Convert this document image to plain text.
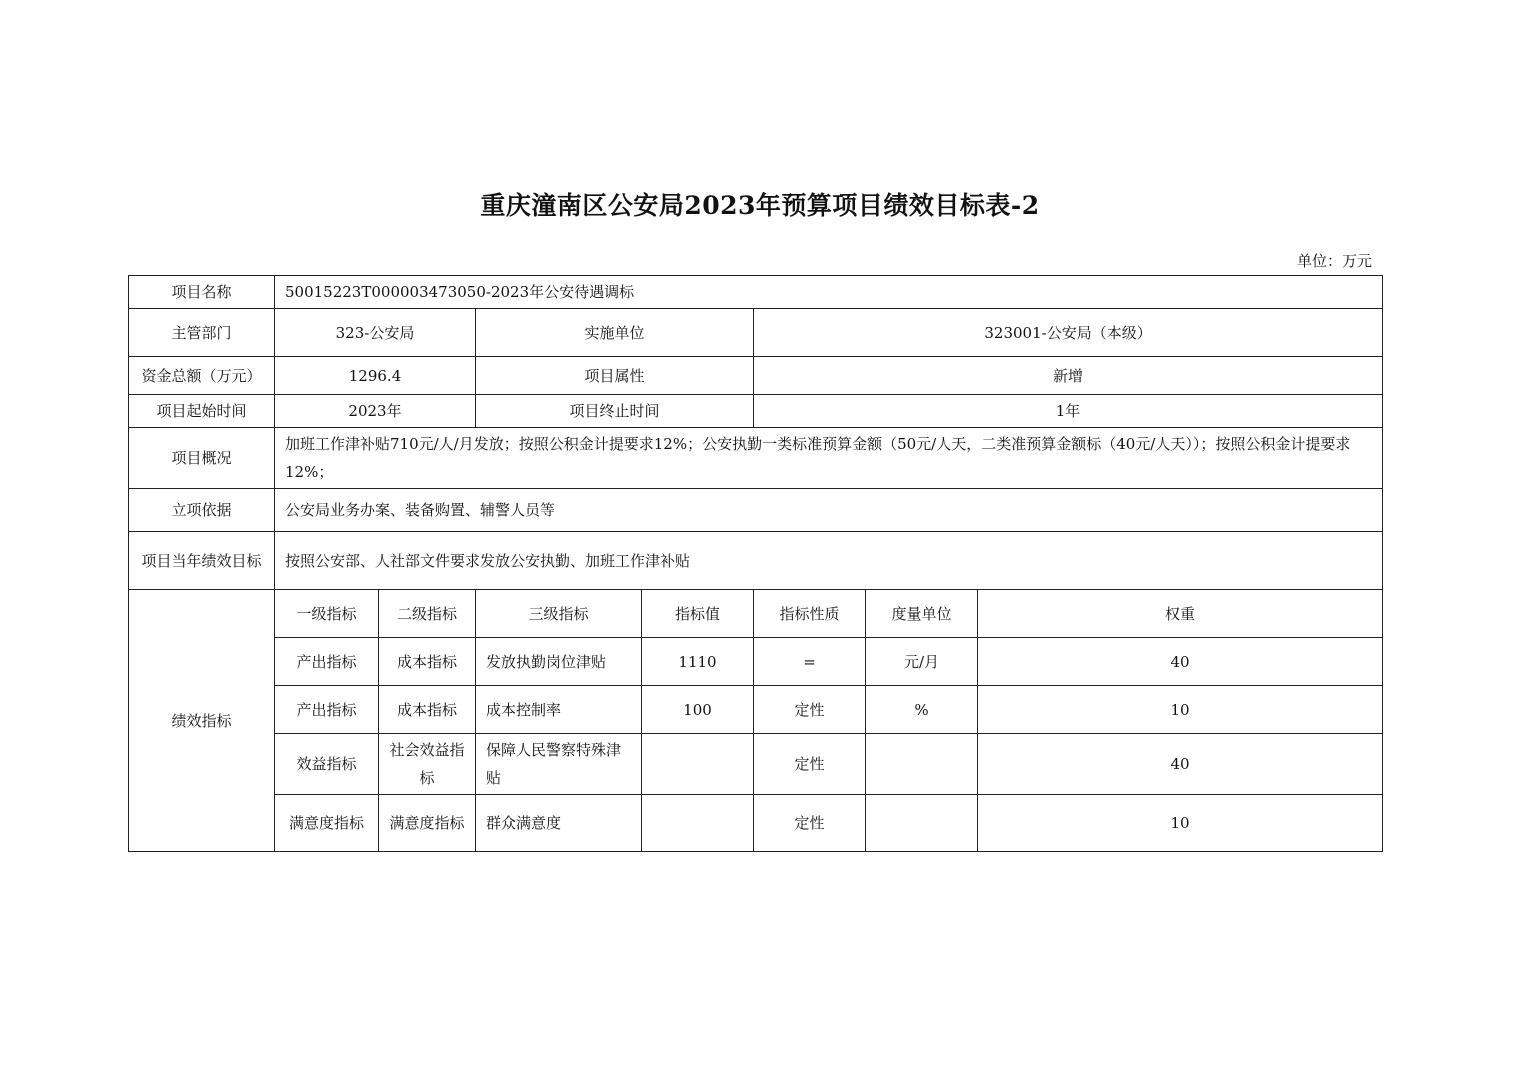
重庆潼南区公安局2023年预算项目绩效目标表-2
单位：万元
项目名称	50015223T000003473050-2023年公安待遇调标						
主管部门	323-公安局		实施单位		323001-公安局（本级）		
资金总额（万元）	1296.4		项目属性		新增		
项目起始时间	2023年		项目终止时间		1年		
项目概况	加班工作津补贴710元/人/月发放；按照公积金计提要求12%；公安执勤一类标准预算金额（50元/人天，二类准预算金额标（40元/人天））；按照公积金计提要求12%；						
立项依据	公安局业务办案、装备购置、辅警人员等						
项目当年绩效目标	按照公安部、人社部文件要求发放公安执勤、加班工作津补贴						
绩效指标	一级指标	二级指标	三级指标	指标值	指标性质	度量单位	权重
	产出指标	成本指标	发放执勤岗位津贴	1110	=	元/月	40
	产出指标	成本指标	成本控制率	100	定性	%	10
	效益指标	社会效益指标	保障人民警察特殊津贴		定性		40
	满意度指标	满意度指标	群众满意度		定性		10
